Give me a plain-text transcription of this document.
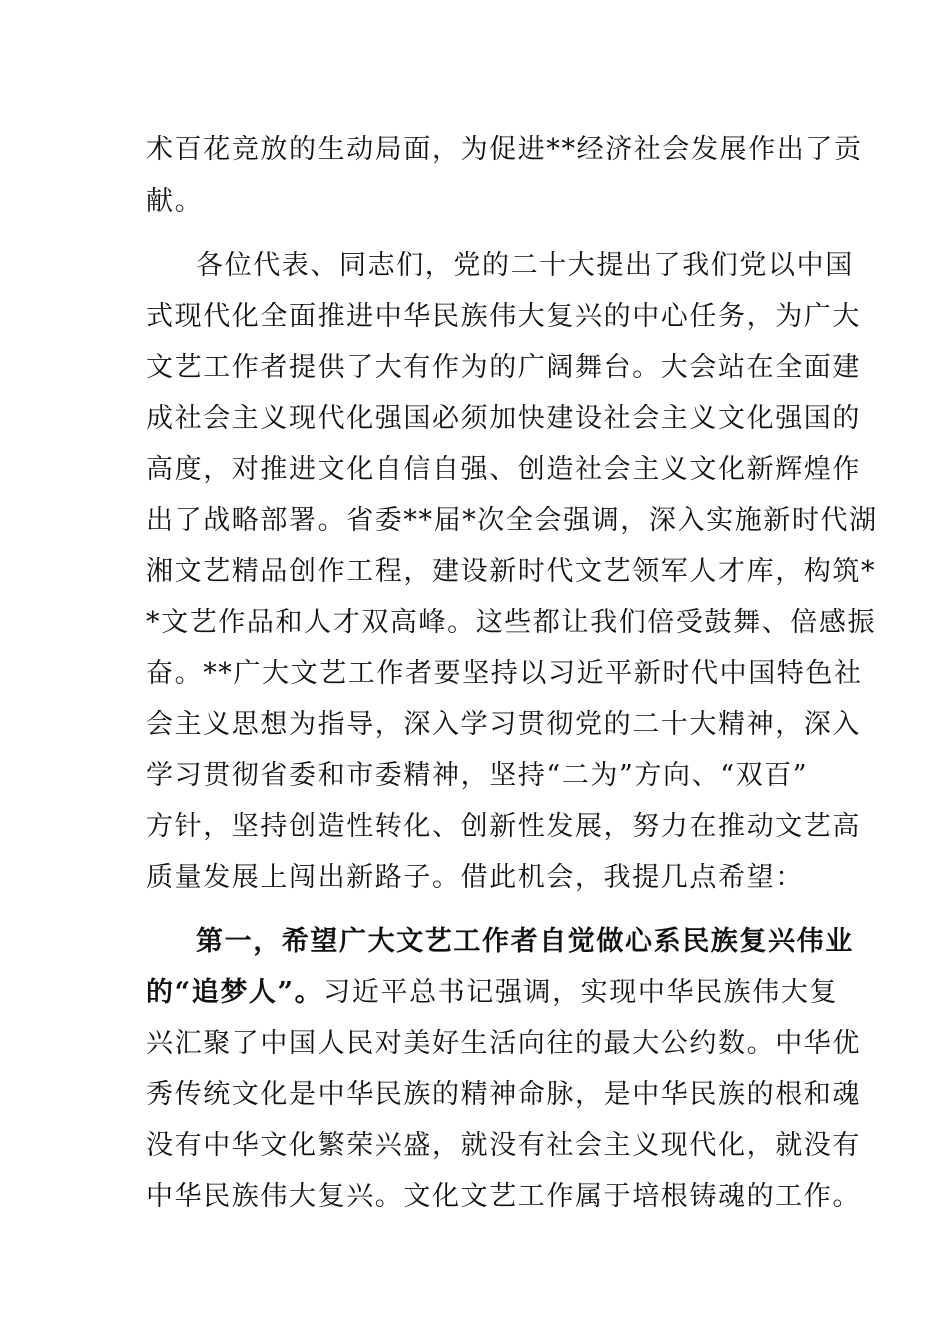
术百花竞放的生动局面，为促进**经济社会发展作出了贡
献。
各位代表、同志们，党的二十大提出了我们党以中国
式现代化全面推进中华民族伟大复兴的中心任务，为广大
文艺工作者提供了大有作为的广阔舞台。大会站在全面建
成社会主义现代化强国必须加快建设社会主义文化强国的
高度，对推进文化自信自强、创造社会主义文化新辉煌作
出了战略部署。省委**届*次全会强调，深入实施新时代湖
湘文艺精品创作工程，建设新时代文艺领军人才库，构筑*
*文艺作品和人才双高峰。这些都让我们倍受鼓舞、倍感振
奋。**广大文艺工作者要坚持以习近平新时代中国特色社
会主义思想为指导，深入学习贯彻党的二十大精神，深入
学习贯彻省委和市委精神，坚持“二为”方向、“双百”
方针，坚持创造性转化、创新性发展，努力在推动文艺高
质量发展上闯出新路子。借此机会，我提几点希望：
第一，希望广大文艺工作者自觉做心系民族复兴伟业
的“追梦人”。习近平总书记强调，实现中华民族伟大复
兴汇聚了中国人民对美好生活向往的最大公约数。中华优
秀传统文化是中华民族的精神命脉，是中华民族的根和魂
没有中华文化繁荣兴盛，就没有社会主义现代化，就没有
中华民族伟大复兴。文化文艺工作属于培根铸魂的工作。
